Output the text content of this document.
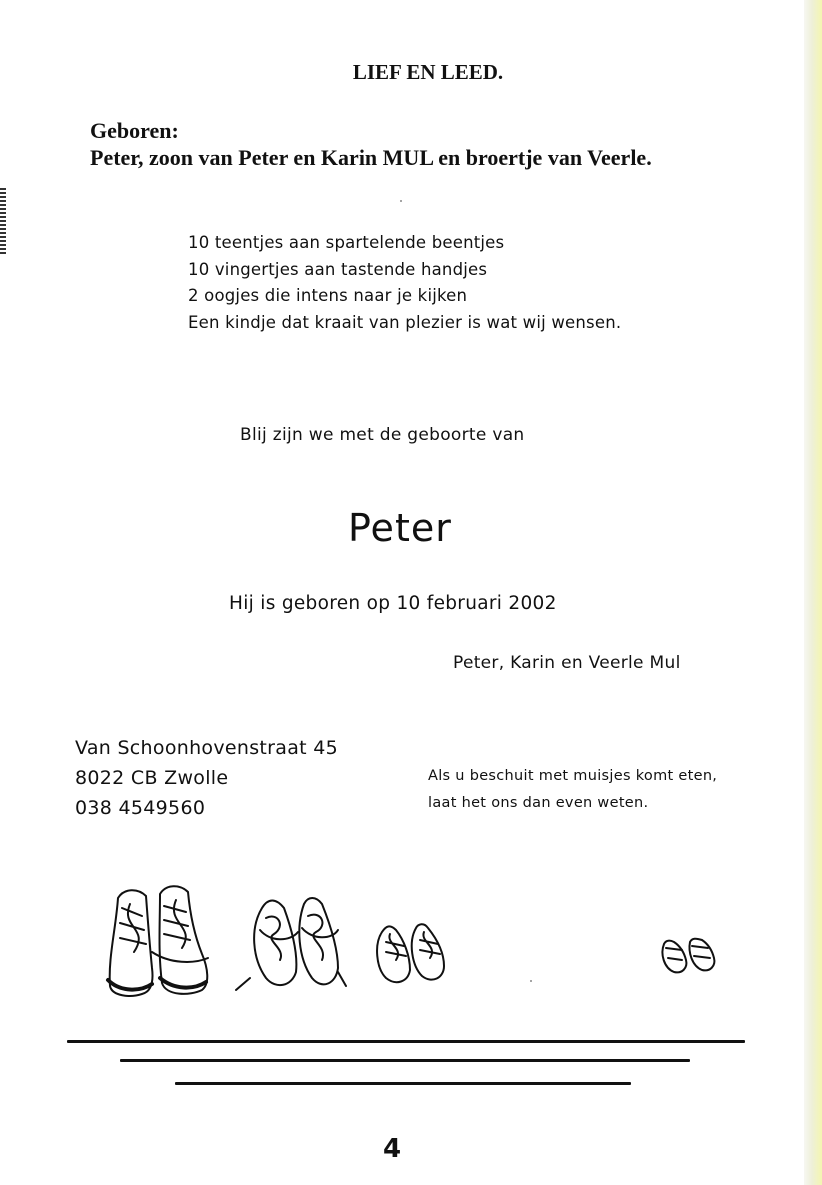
LIEF EN LEED.
Geboren:
Peter, zoon van Peter en Karin MUL en broertje van Veerle.
10 teentjes aan spartelende beentjes
10 vingertjes aan tastende handjes
2 oogjes die intens naar je kijken
Een kindje dat kraait van plezier is wat wij wensen.
Blij zijn we met de geboorte van
Peter
Hij is geboren op 10 februari 2002
Peter, Karin en Veerle Mul
Van Schoonhovenstraat 45
8022 CB Zwolle
038 4549560
Als u beschuit met muisjes komt eten,
laat het ons dan even weten.
4
